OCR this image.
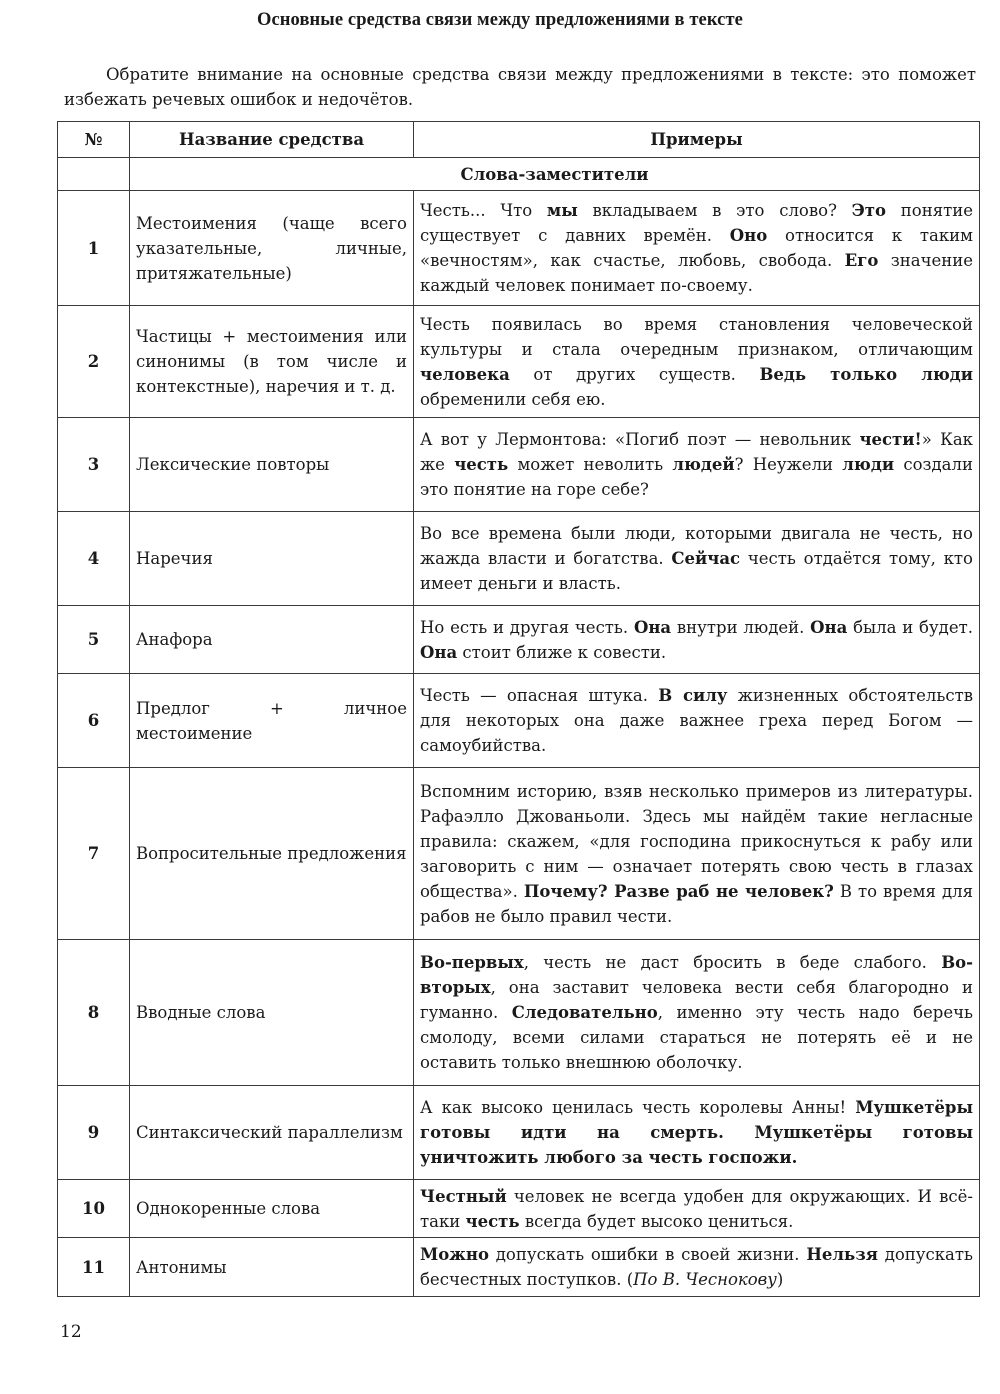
Основные средства связи между предложениями в тексте

Обратите внимание на основные средства связи между предложениями в тексте: это поможет избежать речевых ошибок и недочётов.

№	Название средства	Примеры
	Слова-заместители	
1	Местоимения (чаще всего указательные, личные, притяжательные)	Честь... Что мы вкладываем в это слово? Это понятие существует с давних времён. Оно относится к таким «вечностям», как счастье, любовь, свобода. Его значение каждый человек понимает по-своему.
2	Частицы + местоимения или синонимы (в том числе и контекстные), наречия и т. д.	Честь появилась во время становления человеческой культуры и стала очередным признаком, отличающим человека от других существ. Ведь только люди обременили себя ею.
3	Лексические повторы	А вот у Лермонтова: «Погиб поэт — невольник чести!» Как же честь может неволить людей? Неужели люди создали это понятие на горе себе?
4	Наречия	Во все времена были люди, которыми двигала не честь, но жажда власти и богатства. Сейчас честь отдаётся тому, кто имеет деньги и власть.
5	Анафора	Но есть и другая честь. Она внутри людей. Она была и будет. Она стоит ближе к совести.
6	Предлог + личное местоимение	Честь — опасная штука. В силу жизненных обстоятельств для некоторых она даже важнее греха перед Богом — самоубийства.
7	Вопросительные предложения	Вспомним историю, взяв несколько примеров из литературы. Рафаэлло Джованьоли. Здесь мы найдём такие негласные правила: скажем, «для господина прикоснуться к рабу или заговорить с ним — означает потерять свою честь в глазах общества». Почему? Разве раб не человек? В то время для рабов не было правил чести.
8	Вводные слова	Во-первых, честь не даст бросить в беде слабого. Во-вторых, она заставит человека вести себя благородно и гуманно. Следовательно, именно эту честь надо беречь смолоду, всеми силами стараться не потерять её и не оставить только внешнюю оболочку.
9	Синтаксический параллелизм	А как высоко ценилась честь королевы Анны! Мушкетёры готовы идти на смерть. Мушкетёры готовы уничтожить любого за честь госпожи.
10	Однокоренные слова	Честный человек не всегда удобен для окружающих. И всё-таки честь всегда будет высоко цениться.
11	Антонимы	Можно допускать ошибки в своей жизни. Нельзя допускать бесчестных поступков. (По В. Чеснокову)
12
